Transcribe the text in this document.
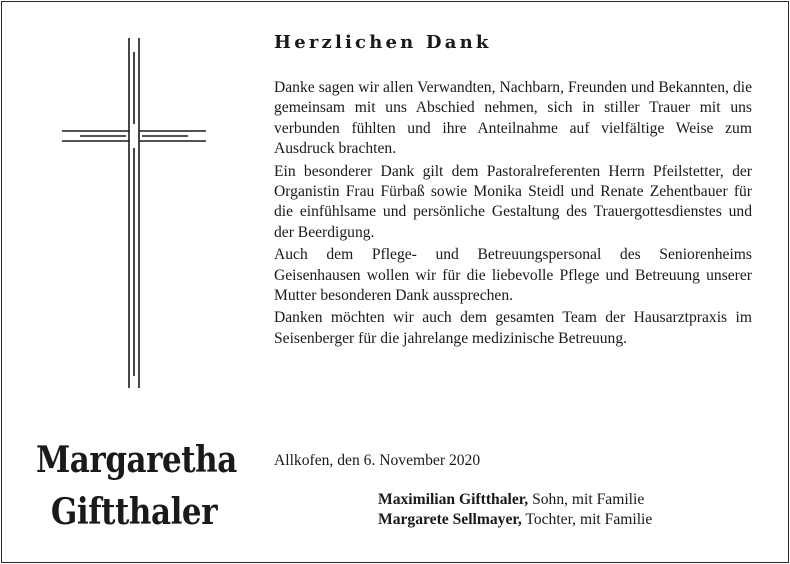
Margaretha
Giftthaler
Herzlichen Dank

Danke sagen wir allen Verwandten, Nachbarn, Freunden und Bekannten, die gemeinsam mit uns Abschied nehmen, sich in stiller Trauer mit uns verbunden fühlten und ihre Anteilnahme auf vielfältige Weise zum Ausdruck brachten.

Ein besonderer Dank gilt dem Pastoralreferenten Herrn Pfeilstetter, der Organistin Frau Fürbaß sowie Monika Steidl und Renate Zehentbauer für die einfühlsame und persönliche Gestaltung des Trauergottesdienstes und der Beerdigung.

Auch dem Pflege- und Betreuungspersonal des Seniorenheims Geisenhausen wollen wir für die liebevolle Pflege und Betreuung unserer Mutter besonderen Dank aussprechen.

Danken möchten wir auch dem gesamten Team der Hausarztpraxis im Seisenberger für die jahrelange medizinische Betreuung.

Allkofen, den 6. November 2020
Maximilian Giftthaler, Sohn, mit Familie
Margarete Sellmayer, Tochter, mit Familie
